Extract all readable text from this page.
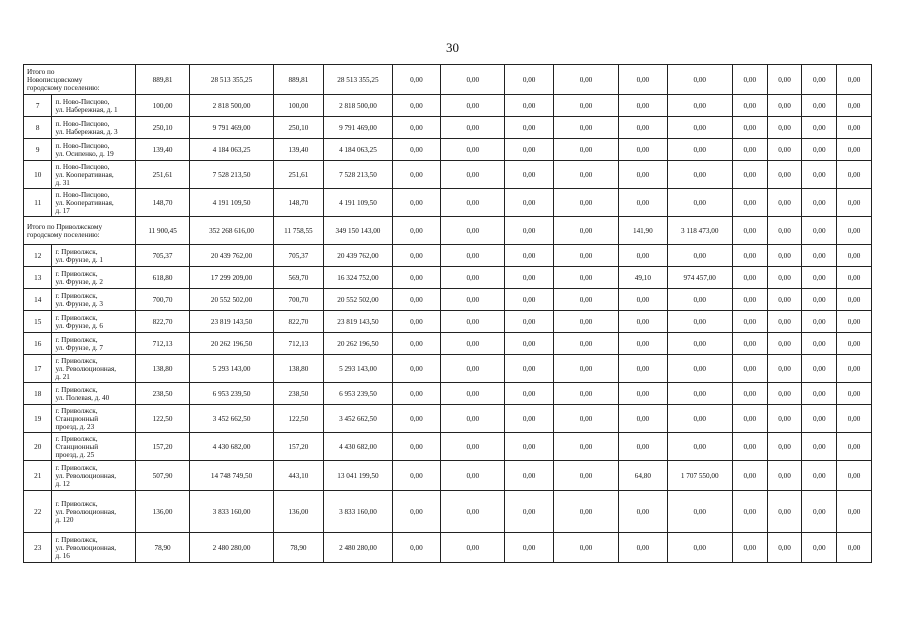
30
Итого по
Новописцовскому
городскому поселению:		889,81	28 513 355,25	889,81	28 513 355,25	0,00	0,00	0,00	0,00	0,00	0,00	0,00	0,00	0,00	0,00
7	п. Ново-Писцово,
ул. Набережная, д. 1	100,00	2 818 500,00	100,00	2 818 500,00	0,00	0,00	0,00	0,00	0,00	0,00	0,00	0,00	0,00	0,00
8	п. Ново-Писцово,
ул. Набережная, д. 3	250,10	9 791 469,00	250,10	9 791 469,00	0,00	0,00	0,00	0,00	0,00	0,00	0,00	0,00	0,00	0,00
9	п. Ново-Писцово,
ул. Осипенко, д. 19	139,40	4 184 063,25	139,40	4 184 063,25	0,00	0,00	0,00	0,00	0,00	0,00	0,00	0,00	0,00	0,00
10	п. Ново-Писцово,
ул. Кооперативная,
д. 31	251,61	7 528 213,50	251,61	7 528 213,50	0,00	0,00	0,00	0,00	0,00	0,00	0,00	0,00	0,00	0,00
11	п. Ново-Писцово,
ул. Кооперативная,
д. 17	148,70	4 191 109,50	148,70	4 191 109,50	0,00	0,00	0,00	0,00	0,00	0,00	0,00	0,00	0,00	0,00
Итого по Приволжскому
городскому поселению:		11 900,45	352 268 616,00	11 758,55	349 150 143,00	0,00	0,00	0,00	0,00	141,90	3 118 473,00	0,00	0,00	0,00	0,00
12	г. Приволжск,
ул. Фрунзе, д. 1	705,37	20 439 762,00	705,37	20 439 762,00	0,00	0,00	0,00	0,00	0,00	0,00	0,00	0,00	0,00	0,00
13	г. Приволжск,
ул. Фрунзе, д. 2	618,80	17 299 209,00	569,70	16 324 752,00	0,00	0,00	0,00	0,00	49,10	974 457,00	0,00	0,00	0,00	0,00
14	г. Приволжск,
ул. Фрунзе, д. 3	700,70	20 552 502,00	700,70	20 552 502,00	0,00	0,00	0,00	0,00	0,00	0,00	0,00	0,00	0,00	0,00
15	г. Приволжск,
ул. Фрунзе, д. 6	822,70	23 819 143,50	822,70	23 819 143,50	0,00	0,00	0,00	0,00	0,00	0,00	0,00	0,00	0,00	0,00
16	г. Приволжск,
ул. Фрунзе, д. 7	712,13	20 262 196,50	712,13	20 262 196,50	0,00	0,00	0,00	0,00	0,00	0,00	0,00	0,00	0,00	0,00
17	г. Приволжск,
ул. Революционная,
д. 21	138,80	5 293 143,00	138,80	5 293 143,00	0,00	0,00	0,00	0,00	0,00	0,00	0,00	0,00	0,00	0,00
18	г. Приволжск,
ул. Полевая, д. 40	238,50	6 953 239,50	238,50	6 953 239,50	0,00	0,00	0,00	0,00	0,00	0,00	0,00	0,00	0,00	0,00
19	г. Приволжск,
Станционный
проезд, д. 23	122,50	3 452 662,50	122,50	3 452 662,50	0,00	0,00	0,00	0,00	0,00	0,00	0,00	0,00	0,00	0,00
20	г. Приволжск,
Станционный
проезд, д. 25	157,20	4 430 682,00	157,20	4 430 682,00	0,00	0,00	0,00	0,00	0,00	0,00	0,00	0,00	0,00	0,00
21	г. Приволжск,
ул. Революционная,
д. 12	507,90	14 748 749,50	443,10	13 041 199,50	0,00	0,00	0,00	0,00	64,80	1 707 550,00	0,00	0,00	0,00	0,00
22	г. Приволжск,
ул. Революционная,
д. 120	136,00	3 833 160,00	136,00	3 833 160,00	0,00	0,00	0,00	0,00	0,00	0,00	0,00	0,00	0,00	0,00
23	г. Приволжск,
ул. Революционная,
д. 16	78,90	2 480 280,00	78,90	2 480 280,00	0,00	0,00	0,00	0,00	0,00	0,00	0,00	0,00	0,00	0,00
